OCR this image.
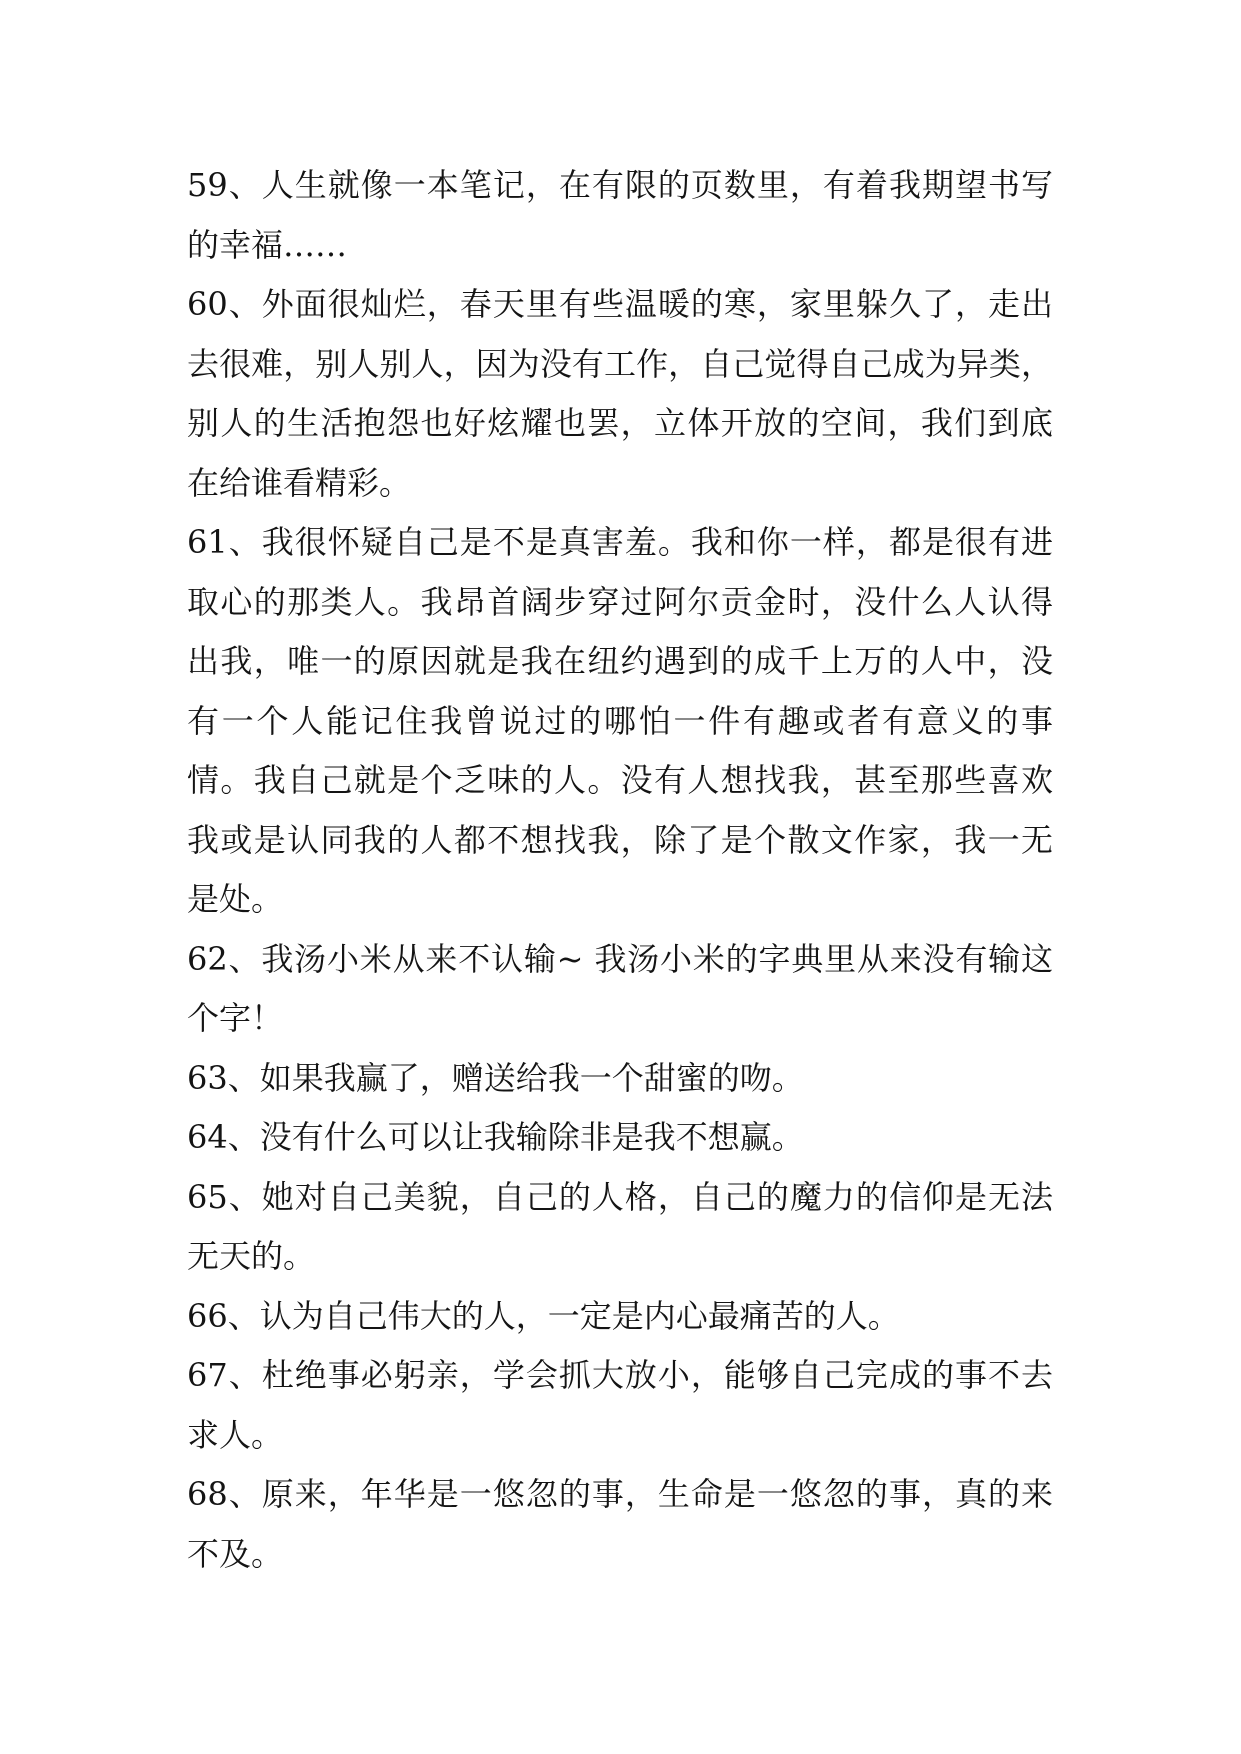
59、人生就像一本笔记，在有限的页数里，有着我期望书写
的幸福……
60、外面很灿烂，春天里有些温暖的寒，家里躲久了，走出
去很难，别人别人，因为没有工作，自己觉得自己成为异类，
别人的生活抱怨也好炫耀也罢，立体开放的空间，我们到底
在给谁看精彩。
61、我很怀疑自己是不是真害羞。我和你一样，都是很有进
取心的那类人。我昂首阔步穿过阿尔贡金时，没什么人认得
出我，唯一的原因就是我在纽约遇到的成千上万的人中，没
有一个人能记住我曾说过的哪怕一件有趣或者有意义的事
情。我自己就是个乏味的人。没有人想找我，甚至那些喜欢
我或是认同我的人都不想找我，除了是个散文作家，我一无
是处。
62、我汤小米从来不认输~ 我汤小米的字典里从来没有输这
个字！
63、如果我赢了，赠送给我一个甜蜜的吻。
64、没有什么可以让我输除非是我不想赢。
65、她对自己美貌，自己的人格，自己的魔力的信仰是无法
无天的。
66、认为自己伟大的人，一定是内心最痛苦的人。
67、杜绝事必躬亲，学会抓大放小，能够自己完成的事不去
求人。
68、原来，年华是一悠忽的事，生命是一悠忽的事，真的来
不及。
